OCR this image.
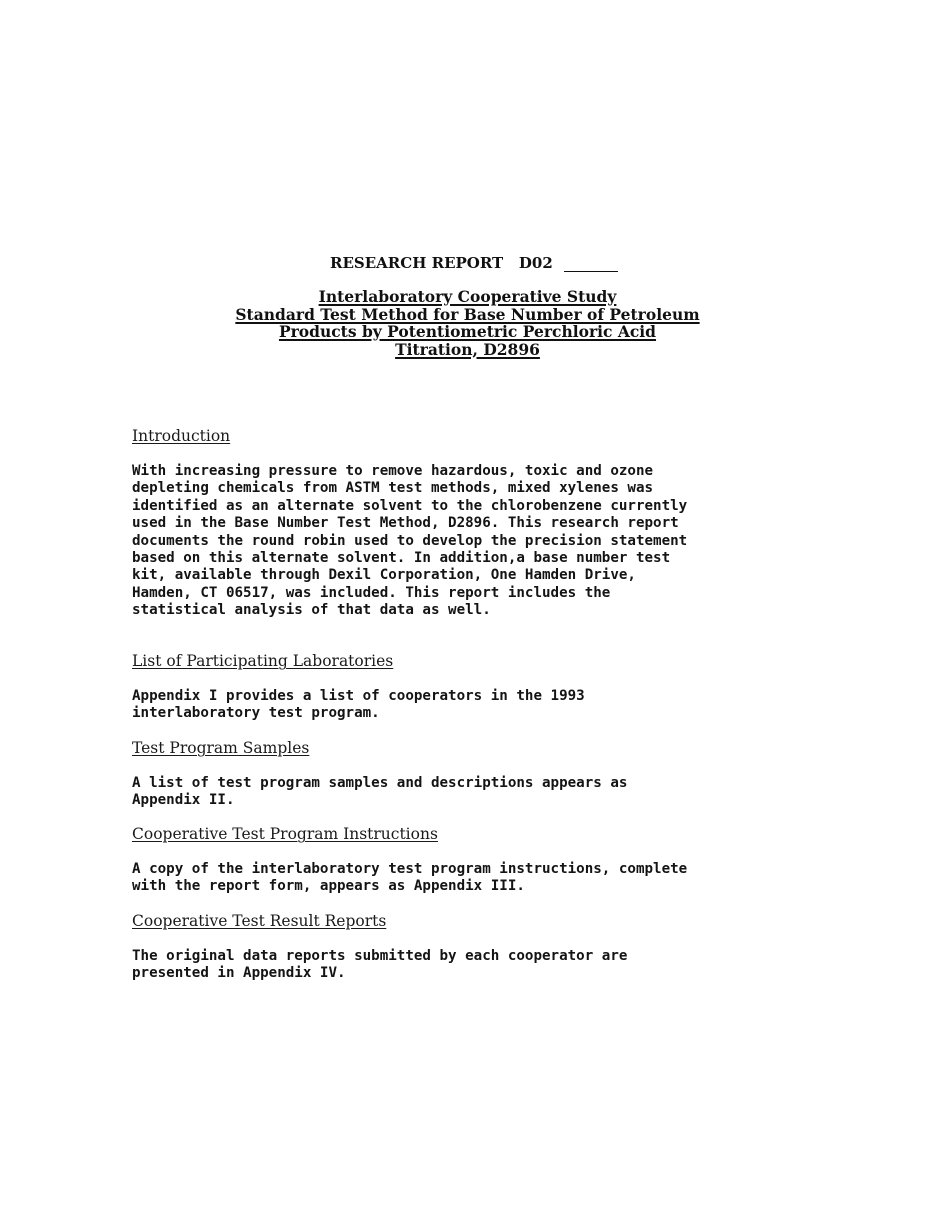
RESEARCH REPORT D02
Interlaboratory Cooperative Study
Standard Test Method for Base Number of Petroleum
Products by Potentiometric Perchloric Acid
Titration, D2896
Introduction
With increasing pressure to remove hazardous, toxic and ozone
depleting chemicals from ASTM test methods, mixed xylenes was
identified as an alternate solvent to the chlorobenzene currently
used in the Base Number Test Method, D2896. This research report
documents the round robin used to develop the precision statement
based on this alternate solvent. In addition,a base number test
kit, available through Dexil Corporation, One Hamden Drive,
Hamden, CT 06517, was included. This report includes the
statistical analysis of that data as well.
List of Participating Laboratories
Appendix I provides a list of cooperators in the 1993
interlaboratory test program.
Test Program Samples
A list of test program samples and descriptions appears as
Appendix II.
Cooperative Test Program Instructions
A copy of the interlaboratory test program instructions, complete
with the report form, appears as Appendix III.
Cooperative Test Result Reports
The original data reports submitted by each cooperator are
presented in Appendix IV.
